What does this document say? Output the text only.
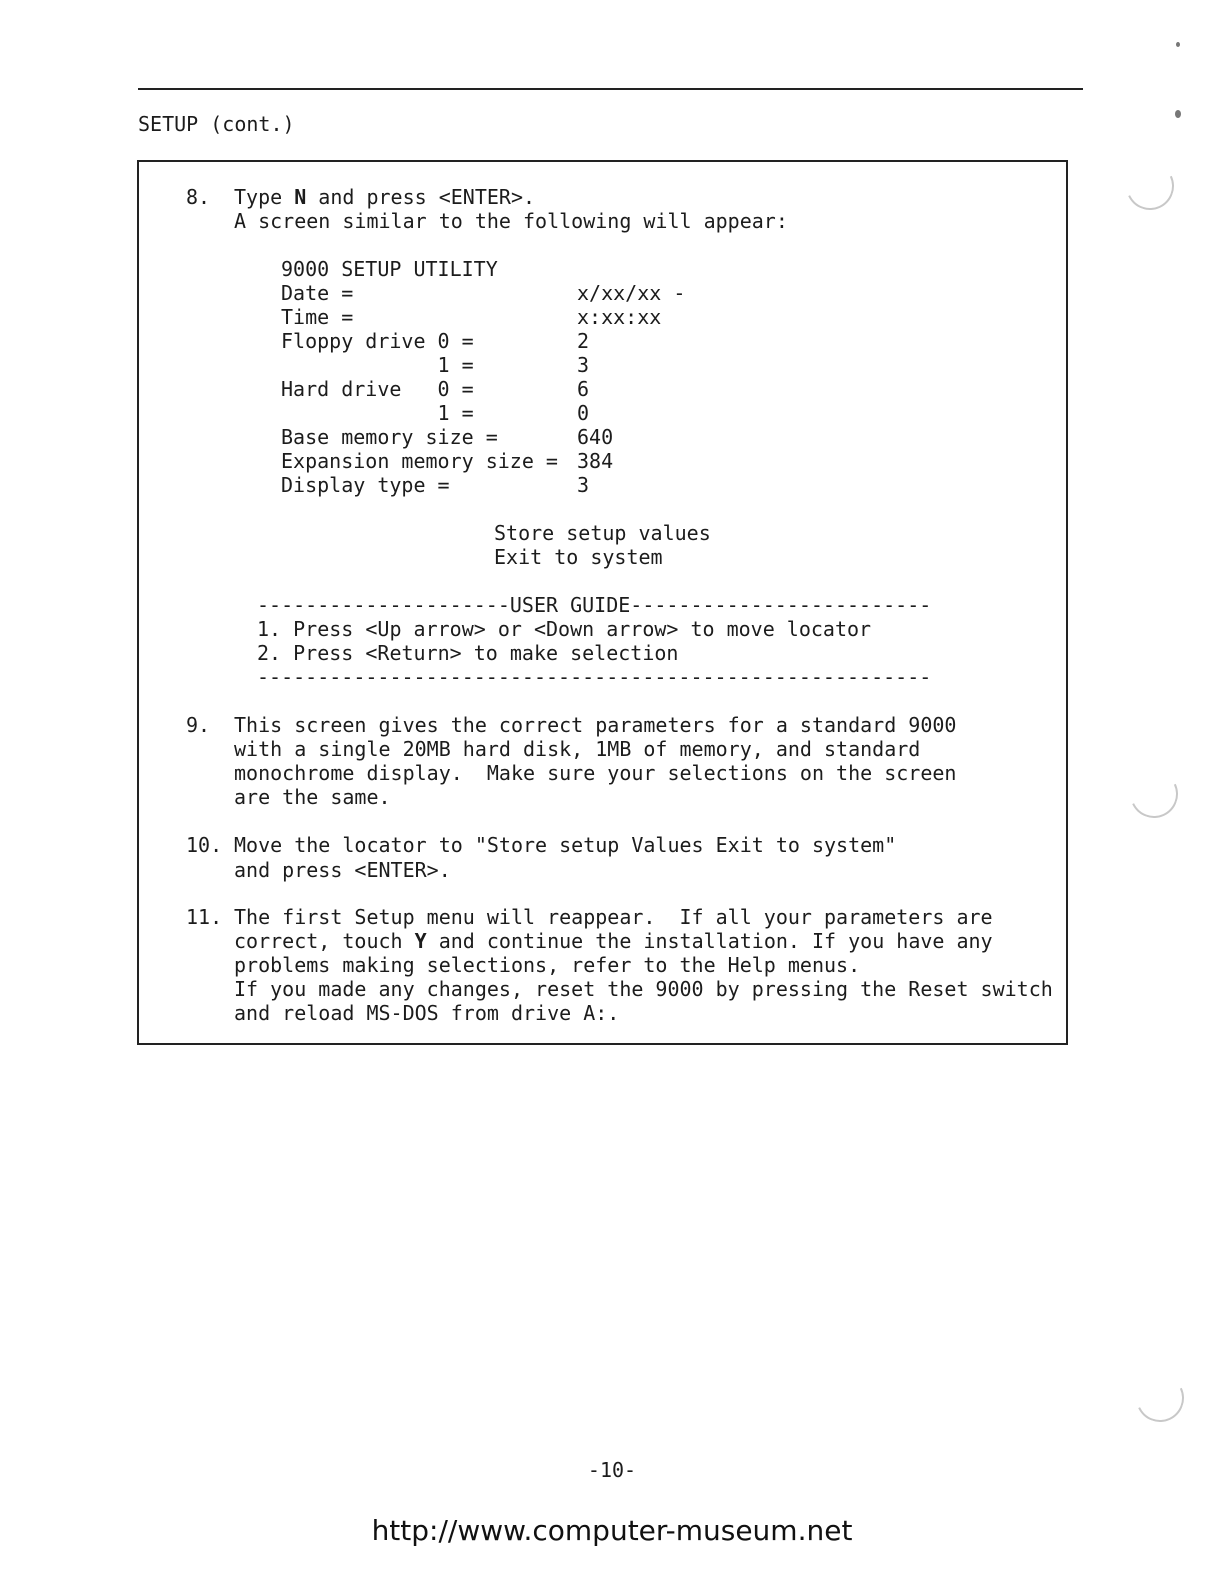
SETUP (cont.)
8. Type N and press <ENTER>.
A screen similar to the following will appear:
9000 SETUP UTILITY
Date =	x/xx/xx -
Time =	x:xx:xx
Floppy drive 0 =	2
1 =	3
Hard drive   0 =	6
1 =	0
Base memory size =	640
Expansion memory size = 384
Display type =	3
Store setup values
Exit to system
---------------------USER GUIDE-------------------------
1. Press <Up arrow> or <Down arrow> to move locator
2. Press <Return> to make selection
--------------------------------------------------------
9. This screen gives the correct parameters for a standard 9000
with a single 20MB hard disk, 1MB of memory, and standard
monochrome display.  Make sure your selections on the screen
are the same.
10. Move the locator to "Store setup Values Exit to system"
and press <ENTER>.
11. The first Setup menu will reappear.  If all your parameters are
correct, touch Y and continue the installation. If you have any
problems making selections, refer to the Help menus.
If you made any changes, reset the 9000 by pressing the Reset switch
and reload MS-DOS from drive A:.
-10-
http://www.computer-museum.net
